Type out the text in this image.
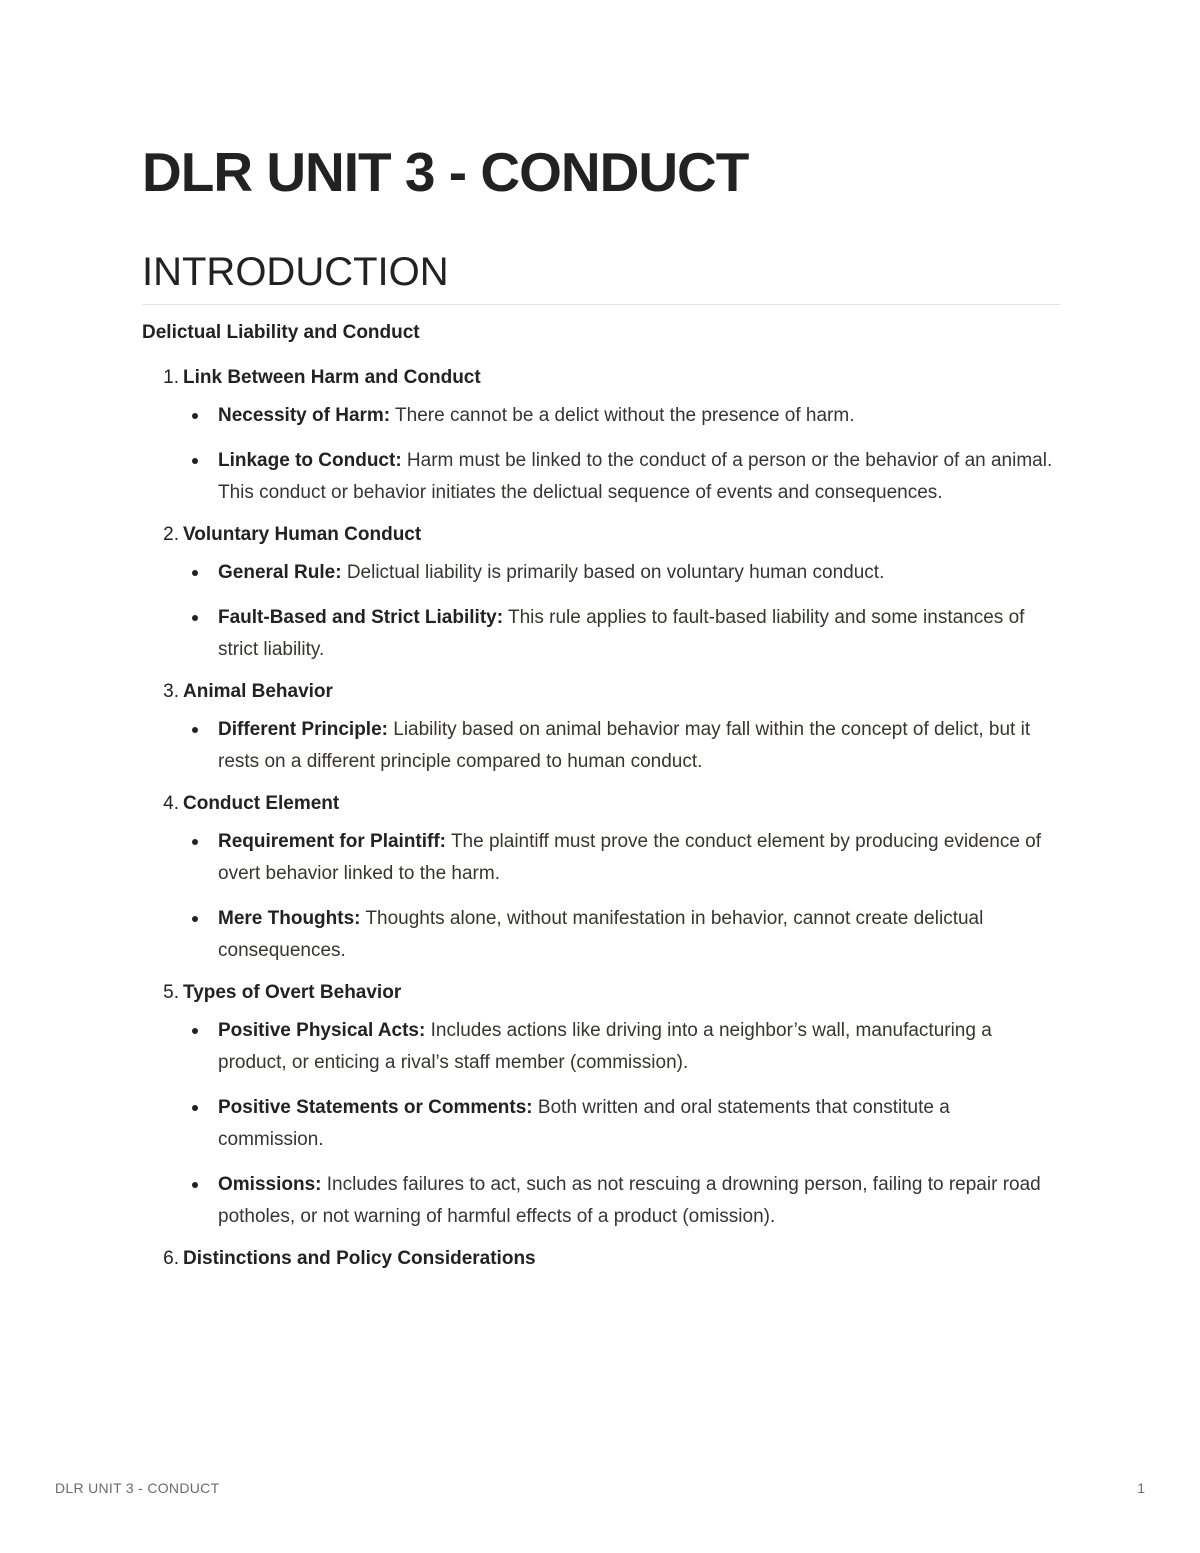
DLR UNIT 3 - CONDUCT
INTRODUCTION

Delictual Liability and Conduct

1. Link Between Harm and Conduct
Necessity of Harm: There cannot be a delict without the presence of harm.
Linkage to Conduct: Harm must be linked to the conduct of a person or the behavior of an animal. This conduct or behavior initiates the delictual sequence of events and consequences.
2. Voluntary Human Conduct
General Rule: Delictual liability is primarily based on voluntary human conduct.
Fault-Based and Strict Liability: This rule applies to fault-based liability and some instances of strict liability.
3. Animal Behavior
Different Principle: Liability based on animal behavior may fall within the concept of delict, but it rests on a different principle compared to human conduct.
4. Conduct Element
Requirement for Plaintiff: The plaintiff must prove the conduct element by producing evidence of overt behavior linked to the harm.
Mere Thoughts: Thoughts alone, without manifestation in behavior, cannot create delictual consequences.
5. Types of Overt Behavior
Positive Physical Acts: Includes actions like driving into a neighbor’s wall, manufacturing a product, or enticing a rival’s staff member (commission).
Positive Statements or Comments: Both written and oral statements that constitute a commission.
Omissions: Includes failures to act, such as not rescuing a drowning person, failing to repair road potholes, or not warning of harmful effects of a product (omission).
6. Distinctions and Policy Considerations
DLR UNIT 3 - CONDUCT	1
